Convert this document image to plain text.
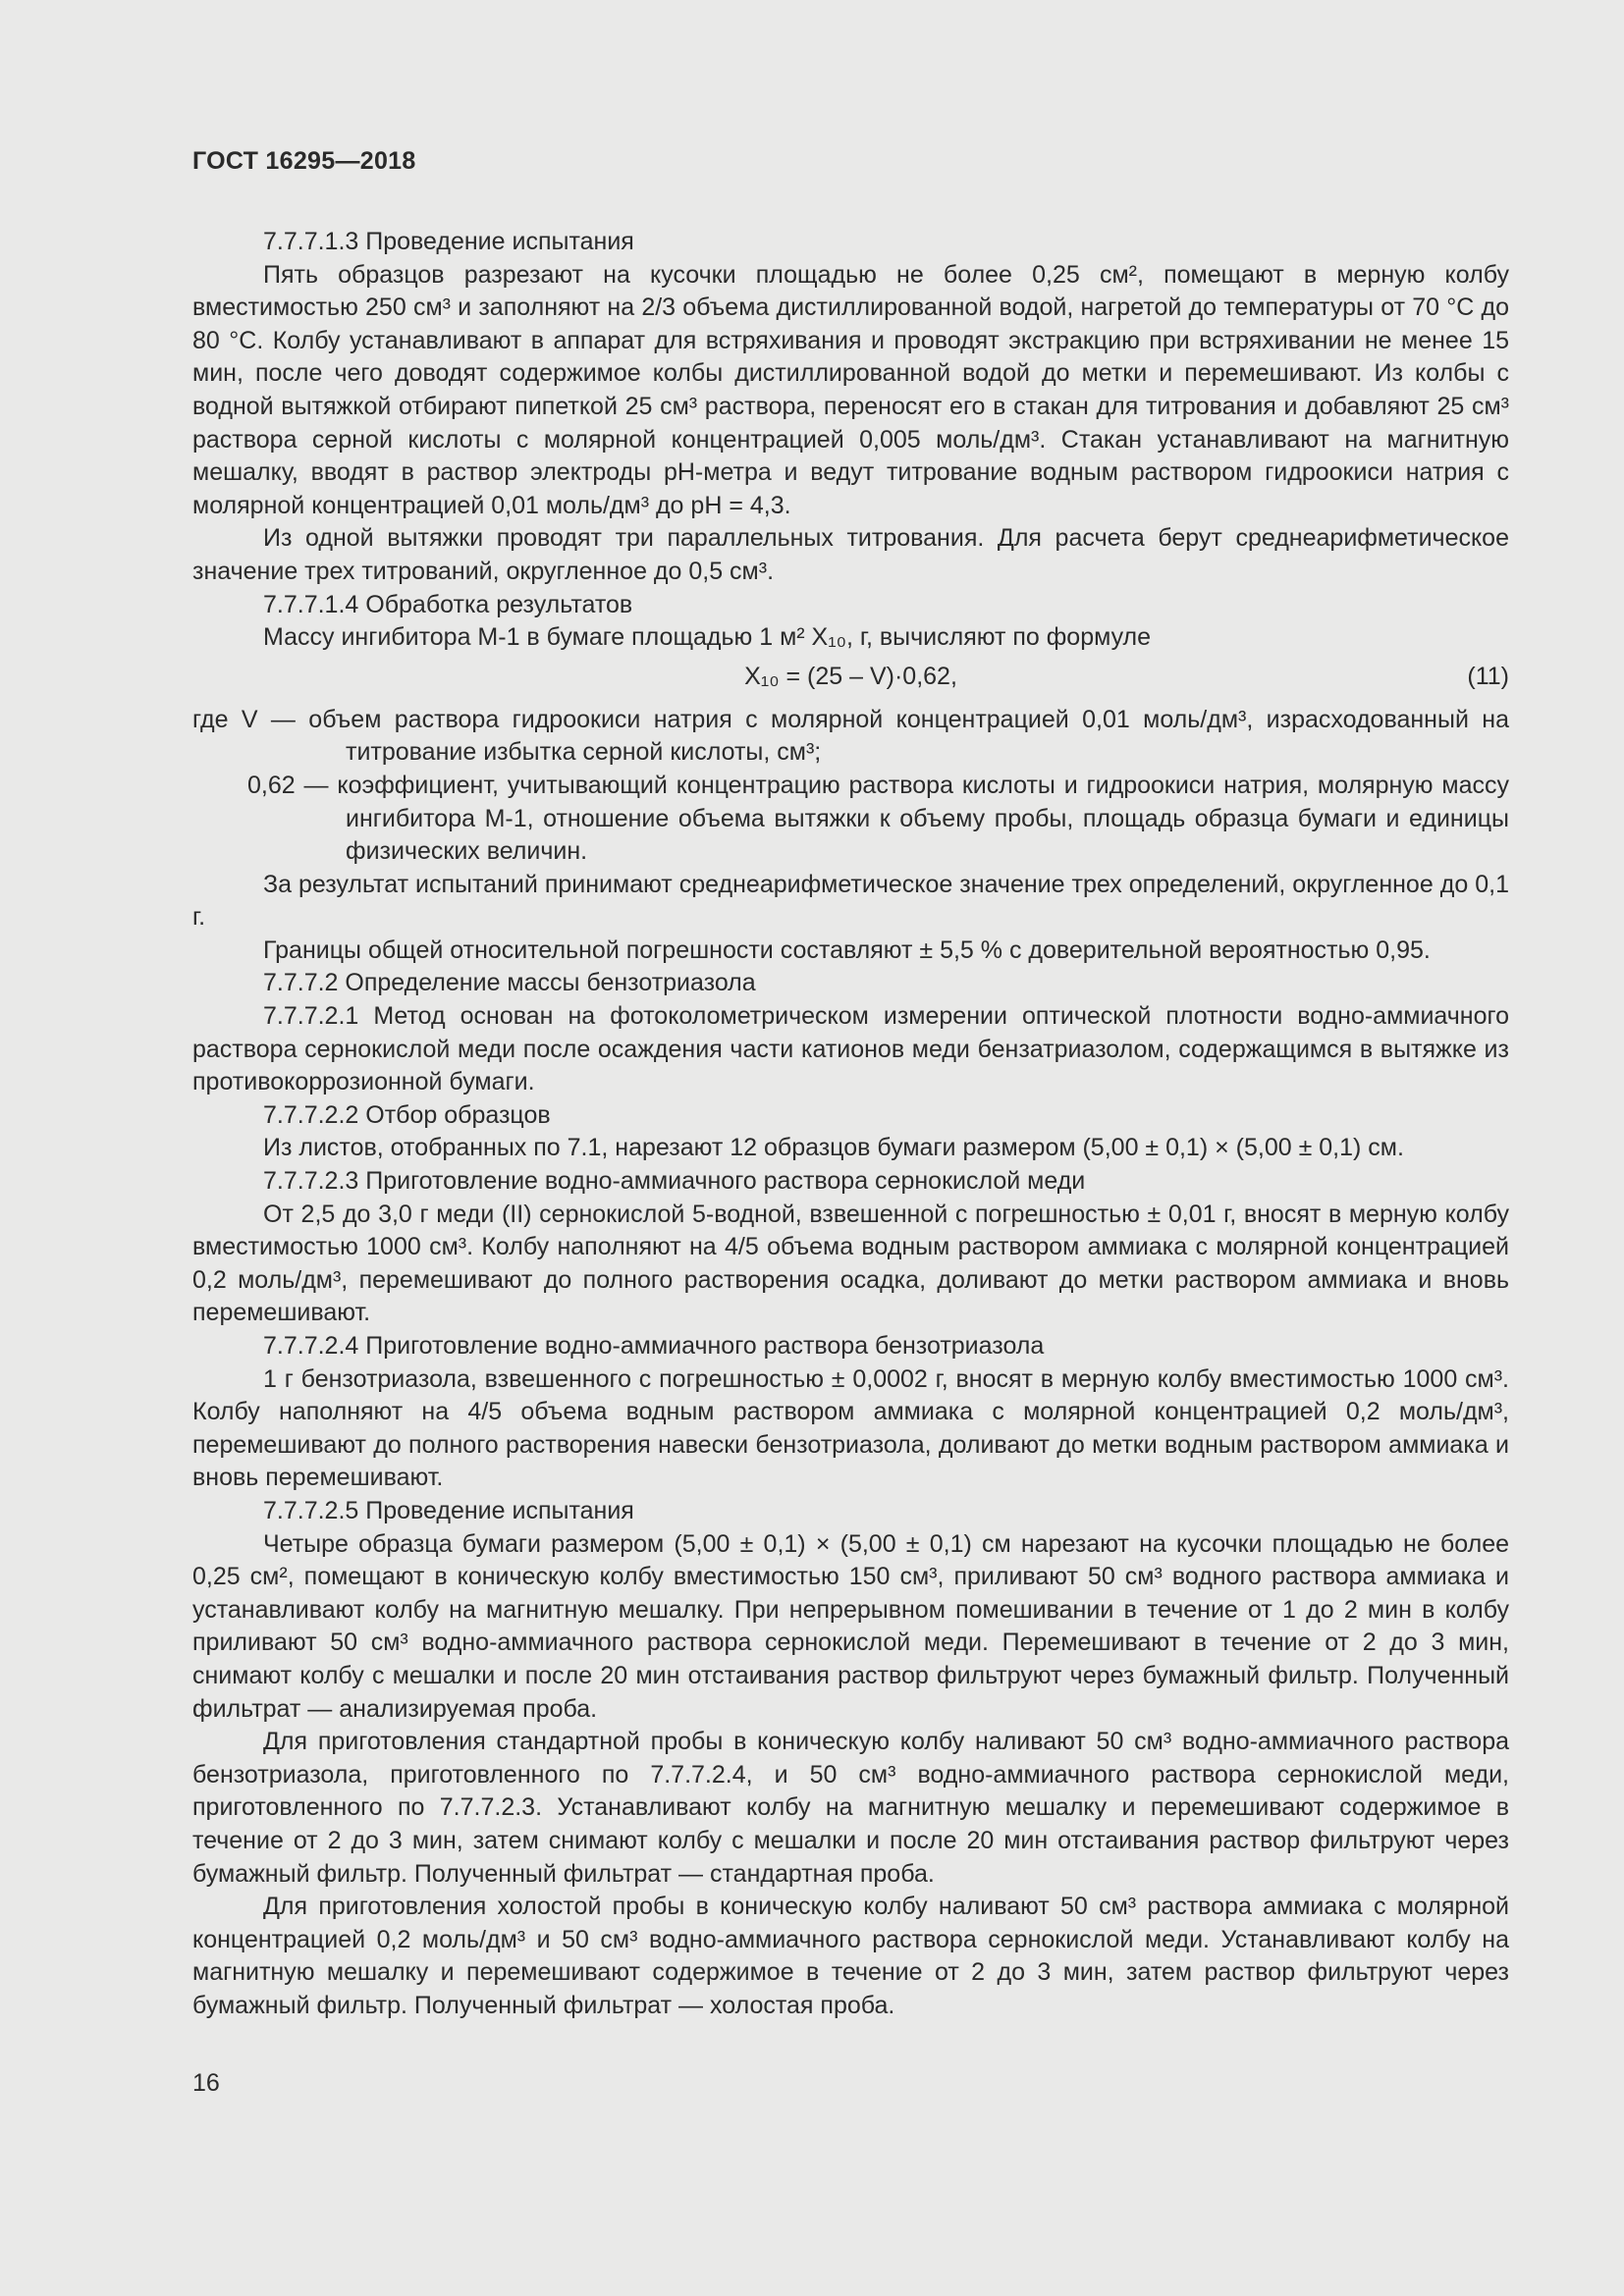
ГОСТ 16295—2018

7.7.7.1.3 Проведение испытания

Пять образцов разрезают на кусочки площадью не более 0,25 см², помещают в мерную колбу вместимостью 250 см³ и заполняют на 2/3 объема дистиллированной водой, нагретой до температуры от 70 °С до 80 °С. Колбу устанавливают в аппарат для встряхивания и проводят экстракцию при встряхивании не менее 15 мин, после чего доводят содержимое колбы дистиллированной водой до метки и перемешивают. Из колбы с водной вытяжкой отбирают пипеткой 25 см³ раствора, переносят его в стакан для титрования и добавляют 25 см³ раствора серной кислоты с молярной концентрацией 0,005 моль/дм³. Стакан устанавливают на магнитную мешалку, вводят в раствор электроды pH-метра и ведут титрование водным раствором гидроокиси натрия с молярной концентрацией 0,01 моль/дм³ до pH = 4,3.

Из одной вытяжки проводят три параллельных титрования. Для расчета берут среднеарифметическое значение трех титрований, округленное до 0,5 см³.

7.7.7.1.4 Обработка результатов

Массу ингибитора М-1 в бумаге площадью 1 м² X₁₀, г, вычисляют по формуле

X₁₀ = (25 – V)·0,62,	(11)

где V — объем раствора гидроокиси натрия с молярной концентрацией 0,01 моль/дм³, израсходованный на титрование избытка серной кислоты, см³;

0,62 — коэффициент, учитывающий концентрацию раствора кислоты и гидроокиси натрия, молярную массу ингибитора М-1, отношение объема вытяжки к объему пробы, площадь образца бумаги и единицы физических величин.

За результат испытаний принимают среднеарифметическое значение трех определений, округленное до 0,1 г.

Границы общей относительной погрешности составляют ± 5,5 % с доверительной вероятностью 0,95.

7.7.7.2 Определение массы бензотриазола

7.7.7.2.1 Метод основан на фотоколометрическом измерении оптической плотности водно-аммиачного раствора сернокислой меди после осаждения части катионов меди бензатриазолом, содержащимся в вытяжке из противокоррозионной бумаги.

7.7.7.2.2 Отбор образцов

Из листов, отобранных по 7.1, нарезают 12 образцов бумаги размером (5,00 ± 0,1) × (5,00 ± 0,1) см.

7.7.7.2.3 Приготовление водно-аммиачного раствора сернокислой меди

От 2,5 до 3,0 г меди (II) сернокислой 5-водной, взвешенной с погрешностью ± 0,01 г, вносят в мерную колбу вместимостью 1000 см³. Колбу наполняют на 4/5 объема водным раствором аммиака с молярной концентрацией 0,2 моль/дм³, перемешивают до полного растворения осадка, доливают до метки раствором аммиака и вновь перемешивают.

7.7.7.2.4 Приготовление водно-аммиачного раствора бензотриазола

1 г бензотриазола, взвешенного с погрешностью ± 0,0002 г, вносят в мерную колбу вместимостью 1000 см³. Колбу наполняют на 4/5 объема водным раствором аммиака с молярной концентрацией 0,2 моль/дм³, перемешивают до полного растворения навески бензотриазола, доливают до метки водным раствором аммиака и вновь перемешивают.

7.7.7.2.5 Проведение испытания

Четыре образца бумаги размером (5,00 ± 0,1) × (5,00 ± 0,1) см нарезают на кусочки площадью не более 0,25 см², помещают в коническую колбу вместимостью 150 см³, приливают 50 см³ водного раствора аммиака и устанавливают колбу на магнитную мешалку. При непрерывном помешивании в течение от 1 до 2 мин в колбу приливают 50 см³ водно-аммиачного раствора сернокислой меди. Перемешивают в течение от 2 до 3 мин, снимают колбу с мешалки и после 20 мин отстаивания раствор фильтруют через бумажный фильтр. Полученный фильтрат — анализируемая проба.

Для приготовления стандартной пробы в коническую колбу наливают 50 см³ водно-аммиачного раствора бензотриазола, приготовленного по 7.7.7.2.4, и 50 см³ водно-аммиачного раствора сернокислой меди, приготовленного по 7.7.7.2.3. Устанавливают колбу на магнитную мешалку и перемешивают содержимое в течение от 2 до 3 мин, затем снимают колбу с мешалки и после 20 мин отстаивания раствор фильтруют через бумажный фильтр. Полученный фильтрат — стандартная проба.

Для приготовления холостой пробы в коническую колбу наливают 50 см³ раствора аммиака с молярной концентрацией 0,2 моль/дм³ и 50 см³ водно-аммиачного раствора сернокислой меди. Устанавливают колбу на магнитную мешалку и перемешивают содержимое в течение от 2 до 3 мин, затем раствор фильтруют через бумажный фильтр. Полученный фильтрат — холостая проба.

16
